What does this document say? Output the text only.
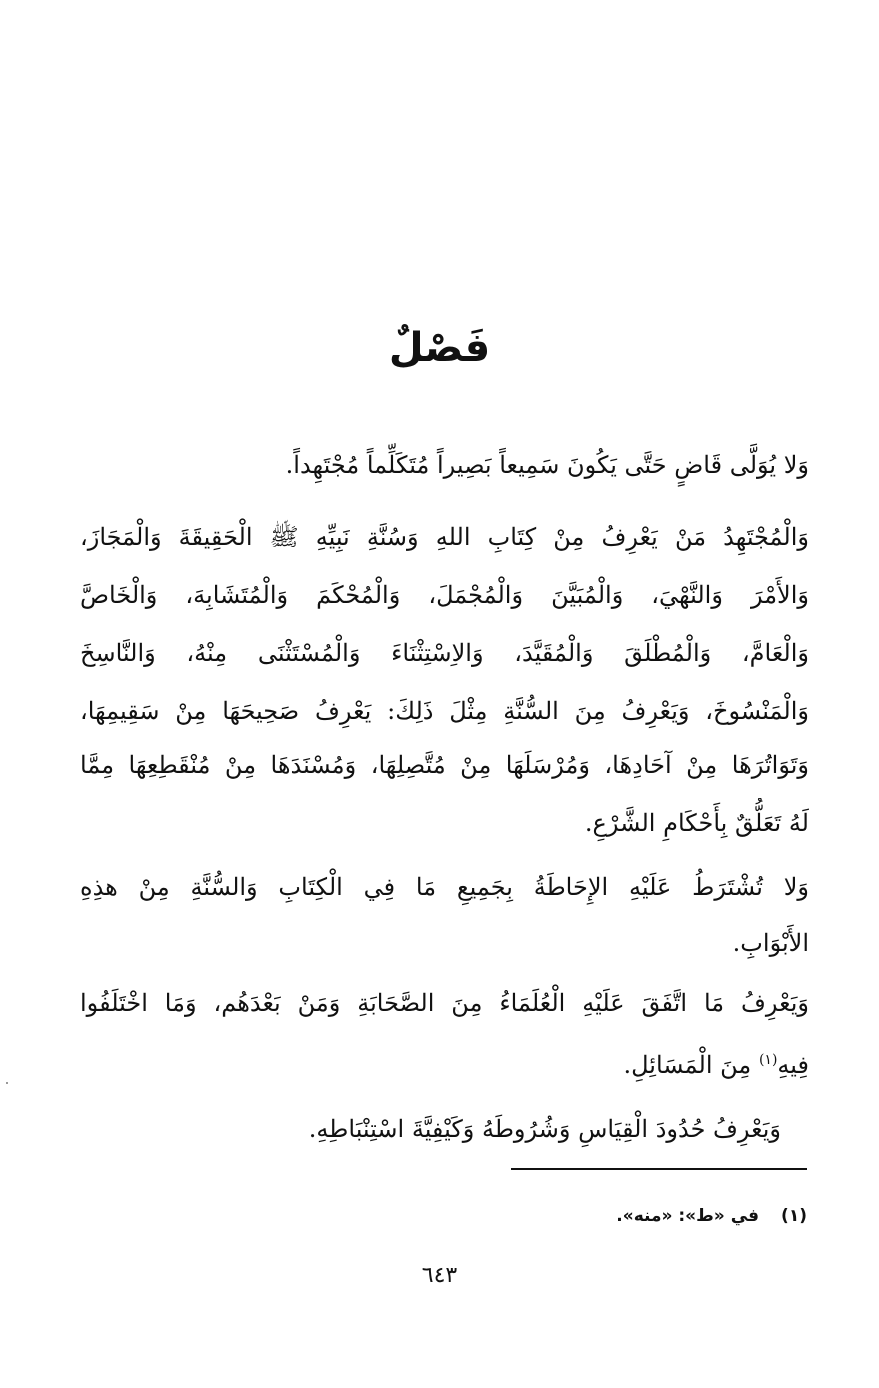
فَصْلٌ
وَلا يُوَلَّى قَاضٍ حَتَّى يَكُونَ سَمِيعاً بَصِيراً مُتَكَلِّماً مُجْتَهِداً.
وَالْمُجْتَهِدُ مَنْ يَعْرِفُ مِنْ كِتَابِ اللهِ وَسُنَّةِ نَبِيِّهِ ﷺ الْحَقِيقَةَ وَالْمَجَازَ،
وَالأَمْرَ وَالنَّهْيَ، وَالْمُبَيَّنَ وَالْمُجْمَلَ، وَالْمُحْكَمَ وَالْمُتَشَابِهَ، وَالْخَاصَّ
وَالْعَامَّ، وَالْمُطْلَقَ وَالْمُقَيَّدَ، وَالاِسْتِثْنَاءَ وَالْمُسْتَثْنَى مِنْهُ، وَالنَّاسِخَ
وَالْمَنْسُوخَ، وَيَعْرِفُ مِنَ السُّنَّةِ مِثْلَ ذَلِكَ: يَعْرِفُ صَحِيحَهَا مِنْ سَقِيمِهَا،
وَتَوَاتُرَهَا مِنْ آحَادِهَا، وَمُرْسَلَهَا مِنْ مُتَّصِلِهَا، وَمُسْنَدَهَا مِنْ مُنْقَطِعِهَا مِمَّا
لَهُ تَعَلُّقٌ بِأَحْكَامِ الشَّرْعِ.
وَلا تُشْتَرَطُ عَلَيْهِ الإِحَاطَةُ بِجَمِيعِ مَا فِي الْكِتَابِ وَالسُّنَّةِ مِنْ هذِهِ
الأَبْوَابِ.
وَيَعْرِفُ مَا اتَّفَقَ عَلَيْهِ الْعُلَمَاءُ مِنَ الصَّحَابَةِ وَمَنْ بَعْدَهُم، وَمَا اخْتَلَفُوا
فِيهِ$^{(١)}$ مِنَ الْمَسَائِلِ.
وَيَعْرِفُ حُدُودَ الْقِيَاسِ وَشُرُوطَهُ وَكَيْفِيَّةَ اسْتِنْبَاطِهِ.
(١)في «ط»: «منه».
٦٤٣
